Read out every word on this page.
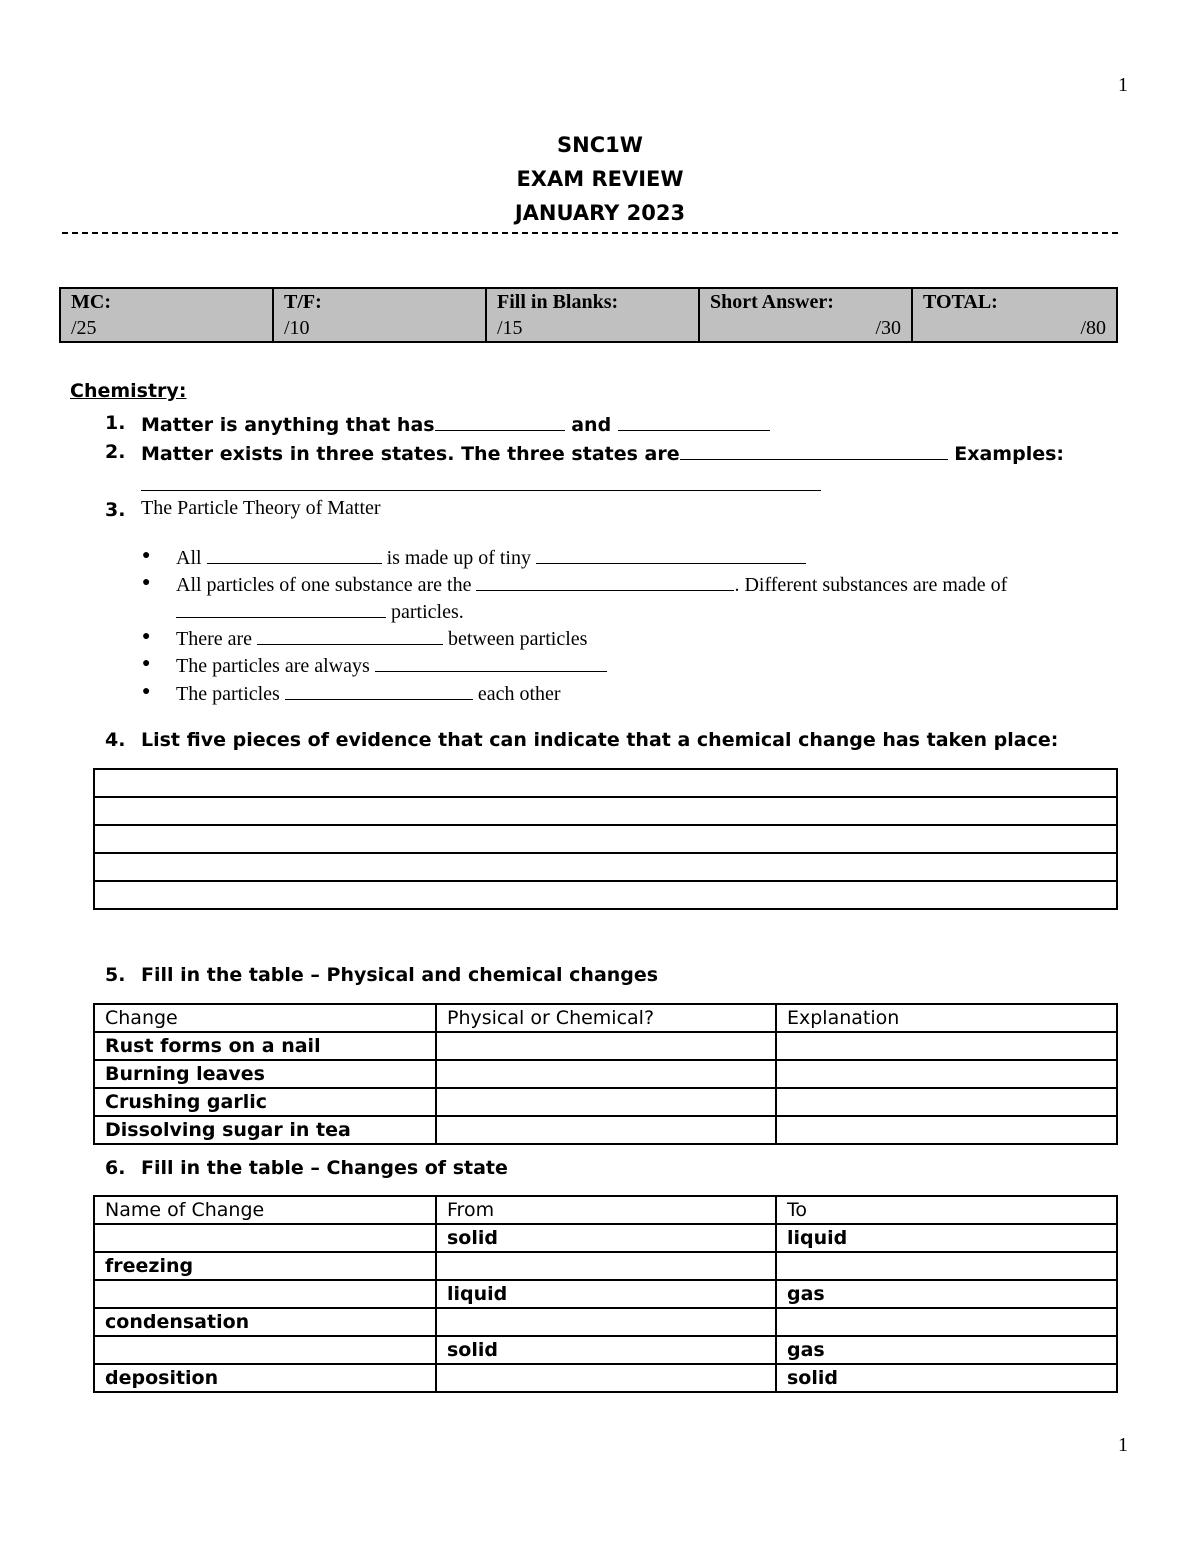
1
SNC1W
EXAM REVIEW
JANUARY 2023
MC:
/25

T/F:
/10

Fill in Blanks:
/15

Short Answer:
/30

TOTAL:
/80
Chemistry:
1. Matter is anything that has	and
2. Matter exists in three states. The three states are	Examples:
3. The Particle Theory of Matter
● All	is made up of tiny
● All particles of one substance are the	. Different substances are made of
particles.
● There are	between particles
● The particles are always
● The particles	each other
4. List five pieces of evidence that can indicate that a chemical change has taken place:

5. Fill in the table – Physical and chemical changes
Change	Physical or Chemical?	Explanation
Rust forms on a nail		
Burning leaves		
Crushing garlic		
Dissolving sugar in tea		
6. Fill in the table – Changes of state
Name of Change	From	To
	solid	liquid
freezing		
	liquid	gas
condensation		
	solid	gas
deposition		solid
1
